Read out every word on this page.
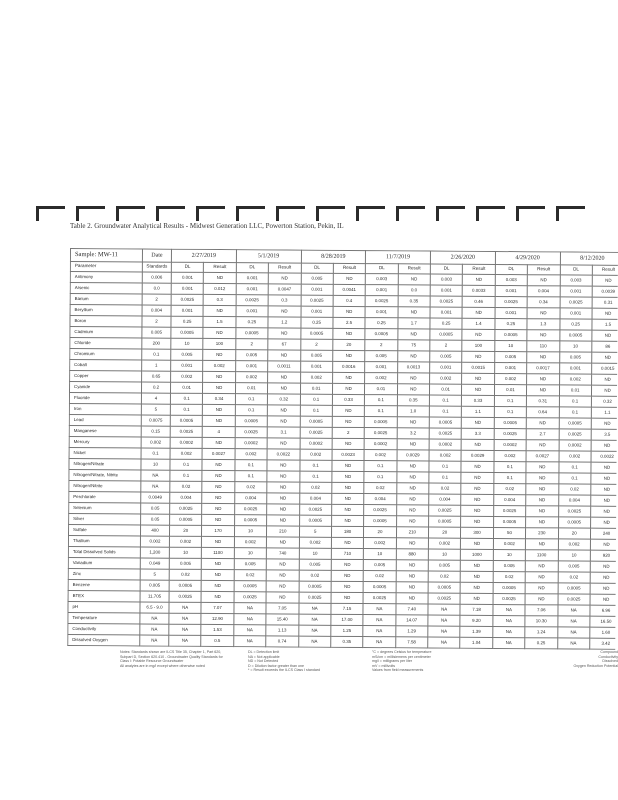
Table 2. Groundwater Analytical Results - Midwest Generation LLC, Powerton Station, Pekin, IL
Sample: MW-11	Date	2/27/2019		5/1/2019		8/28/2019		11/7/2019		2/26/2020		4/29/2020		8/12/2020	
Parameter	Standards	DL	Result	DL	Result	DL	Result	DL	Result	DL	Result	DL	Result	DL	Result		
Antimony	0.006	0.001	ND	0.001	ND	0.005	ND	0.003	ND	0.003	ND	0.003	ND	0.003	ND		
Arsenic	0.0	0.001	0.012	0.001	0.0047	0.001	0.0041	0.001	0.0	0.001	0.0033	0.001	0.004	0.001	0.0039		
Barium	2	0.0025	0.3	0.0025	0.3	0.0025	0.4	0.0025	0.35	0.0025	0.46	0.0025	0.34	0.0025	0.31		
Beryllium	0.004	0.001	ND	0.001	ND	0.001	ND	0.001	ND	0.001	ND	0.001	ND	0.001	ND		
Boron	2	0.25	1.5	0.25	1.2	0.25	2.5	0.25	1.7	0.25	1.4	0.25	1.3	0.25	1.5		
Cadmium	0.005	0.0005	ND	0.0005	ND	0.0005	ND	0.0005	ND	0.0005	ND	0.0005	ND	0.0005	ND		
Chloride	200	10	100	2	67	2	20	2	75	2	100	10	110	10	86		
Chromium	0.1	0.005	ND	0.005	ND	0.005	ND	0.005	ND	0.005	ND	0.005	ND	0.005	ND		
Cobalt	1	0.001	0.002	0.001	0.0011	0.001	0.0016	0.001	0.0013	0.001	0.0015	0.001	0.0017	0.001	0.0015		
Copper	0.65	0.002	ND	0.002	ND	0.002	ND	0.002	ND	0.002	ND	0.002	ND	0.002	ND		
Cyanide	0.2	0.01	ND	0.01	ND	0.01	ND	0.01	ND	0.01	ND	0.01	ND	0.01	ND		
Fluoride	4	0.1	0.34	0.1	0.32	0.1	0.33	0.1	0.35	0.1	0.33	0.1	0.31	0.1	0.32		
Iron	5	0.1	ND	0.1	ND	0.1	ND	0.1	1.0	0.1	1.1	0.1	0.64	0.1	1.1		
Lead	0.0075	0.0005	ND	0.0005	ND	0.0005	ND	0.0005	ND	0.0005	ND	0.0005	ND	0.0005	ND		
Manganese	0.15	0.0025	4	0.0025	3.1	0.0025	2	0.0025	3.2	0.0025	3.3	0.0025	2.7	0.0025	3.5		
Mercury	0.002	0.0002	ND	0.0002	ND	0.0002	ND	0.0002	ND	0.0002	ND	0.0002	ND	0.0002	ND		
Nickel	0.1	0.002	0.0027	0.002	0.0022	0.002	0.0023	0.002	0.0029	0.002	0.0029	0.002	0.0027	0.002	0.0022		
Nitrogen/Nitrate	10	0.1	ND	0.1	ND	0.1	ND	0.1	ND	0.1	ND	0.1	ND	0.1	ND		
Nitrogen/Nitrate, Nitrite	NA	0.1	ND	0.1	ND	0.1	ND	0.1	ND	0.1	ND	0.1	ND	0.1	ND		
Nitrogen/Nitrite	NA	0.02	ND	0.02	ND	0.02	ND	0.02	ND	0.02	ND	0.02	ND	0.02	ND		
Perchlorate	0.0049	0.004	ND	0.004	ND	0.004	ND	0.004	ND	0.004	ND	0.004	ND	0.004	ND		
Selenium	0.05	0.0025	ND	0.0025	ND	0.0025	ND	0.0025	ND	0.0025	ND	0.0025	ND	0.0025	ND		
Silver	0.05	0.0005	ND	0.0005	ND	0.0005	ND	0.0005	ND	0.0005	ND	0.0005	ND	0.0005	ND		
Sulfate	400	20	170	10	210	5	180	20	210	20	300	50	230	20	240		
Thallium	0.002	0.002	ND	0.002	ND	0.002	ND	0.002	ND	0.002	ND	0.002	ND	0.002	ND		
Total Dissolved Solids	1,200	10	1100	10	740	10	710	10	880	10	1000	10	1100	10	920		
Vanadium	0.049	0.005	ND	0.005	ND	0.005	ND	0.005	ND	0.005	ND	0.005	ND	0.005	ND		
Zinc	5	0.02	ND	0.02	ND	0.02	ND	0.02	ND	0.02	ND	0.02	ND	0.02	ND		
Benzene	0.005	0.0005	ND	0.0005	ND	0.0005	ND	0.0005	ND	0.0005	ND	0.0005	ND	0.0005	ND		
BTEX	11.705	0.0025	ND	0.0025	ND	0.0025	ND	0.0025	ND	0.0025	ND	0.0025	ND	0.0025	ND		
pH	6.5 - 9.0	NA	7.07	NA	7.05	NA	7.15	NA	7.40	NA	7.18	NA	7.06	NA	6.96		
Temperature	NA	NA	12.90	NA	15.40	NA	17.00	NA	14.07	NA	9.20	NA	10.30	NA	16.50		
Conductivity	NA	NA	1.53	NA	1.13	NA	1.25	NA	1.29	NA	1.39	NA	1.24	NA	1.60		
Dissolved Oxygen	NA	NA	0.5	NA	0.74	NA	0.35	NA	7.58	NA	1.04	NA	0.25	NA	3.42		

Notes: Standards shown are ILCS Title 35, Chapter 1, Part 620,
Subpart D, Section 620.410 - Groundwater Quality Standards for
Class I: Potable Resource Groundwater
All analytes are in mg/l except where otherwise noted
DL = Detection limit
NA = Not applicable
ND = Not Detected
D = Dilution factor greater than one
* = Result exceeds the ILCS Class I standard
°C = degrees Celsius for temperature
mS/cm = millisiemens per centimeter
mg/l = milligrams per liter
mV = millivolts
Values from field measurements
Compound
Conductivity
Dissolved
Oxygen Reduction Potential
